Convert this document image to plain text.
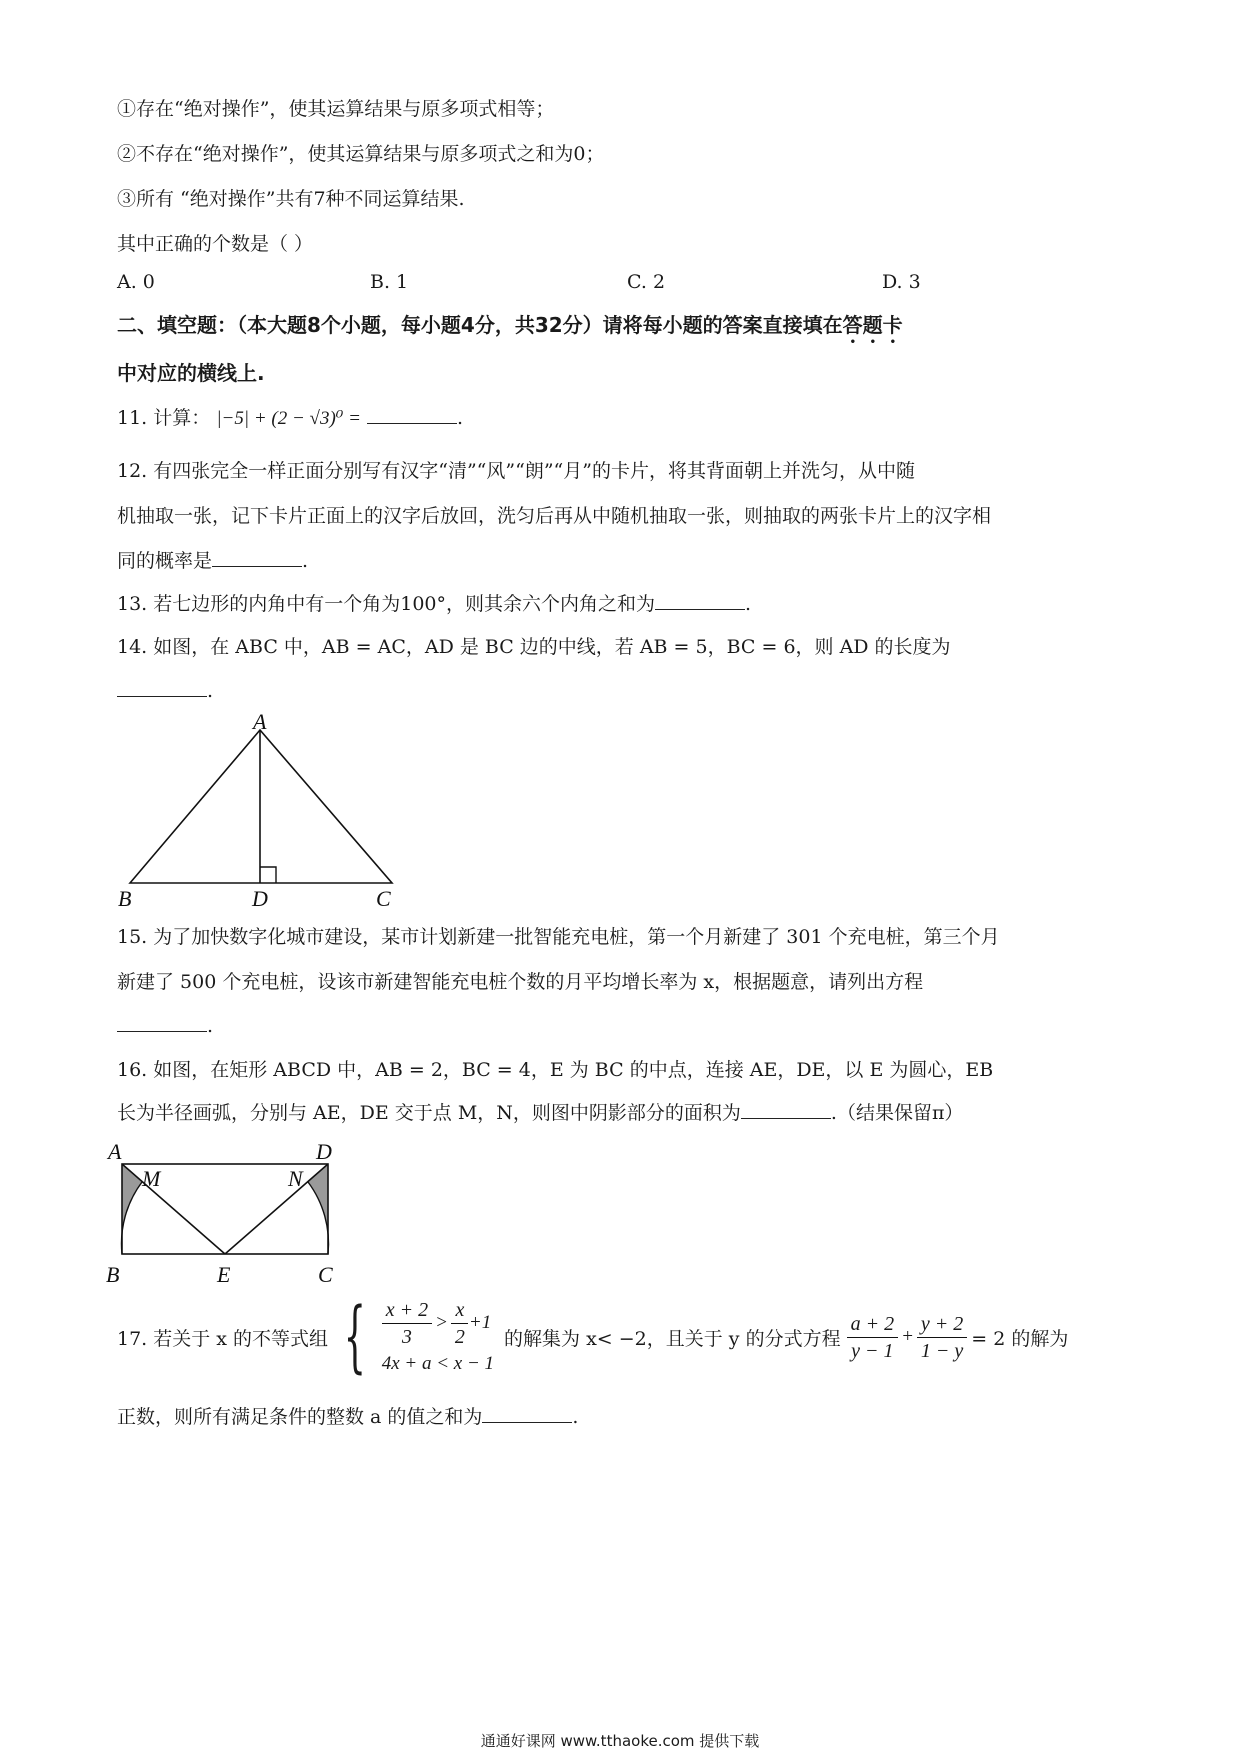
①存在“绝对操作”，使其运算结果与原多项式相等；
②不存在“绝对操作”，使其运算结果与原多项式之和为0；
③所有 “绝对操作”共有7种不同运算结果.
其中正确的个数是（ ）
A. 0	B. 1	C. 2	D. 3
二、填空题：（本大题8个小题，每小题4分，共32分）请将每小题的答案直接填在答题卡
中对应的横线上.
11. 计算： |−5| + (2 − √3)⁰ =	.
12. 有四张完全一样正面分别写有汉字“清”“风”“朗”“月”的卡片，将其背面朝上并洗匀，从中随
机抽取一张，记下卡片正面上的汉字后放回，洗匀后再从中随机抽取一张，则抽取的两张卡片上的汉字相
同的概率是	.
13. 若七边形的内角中有一个角为100°，则其余六个内角之和为	.
14. 如图，在 ABC 中，AB = AC，AD 是 BC 边的中线，若 AB = 5，BC = 6，则 AD 的长度为
.
A
B	D	C
15. 为了加快数字化城市建设，某市计划新建一批智能充电桩，第一个月新建了 301 个充电桩，第三个月
新建了 500 个充电桩，设该市新建智能充电桩个数的月平均增长率为 x，根据题意，请列出方程
.
16. 如图，在矩形 ABCD 中，AB = 2，BC = 4，E 为 BC 的中点，连接 AE，DE，以 E 为圆心，EB
长为半径画弧，分别与 AE，DE 交于点 M，N，则图中阴影部分的面积为	.（结果保留π）
A	D
M	N
B	E	C
17. 若关于 x 的不等式组 { $\frac{x + 2}{3} > \frac{x}{2} +1$
4x + a < x − 1
的解集为 x< −2，且关于 y 的分式方程 $\frac{a + 2}{y - 1} + \frac{y + 2}{1 - y} = 2$ 的解为
正数，则所有满足条件的整数 a 的值之和为	.
通通好课网 www.tthaoke.com 提供下载
